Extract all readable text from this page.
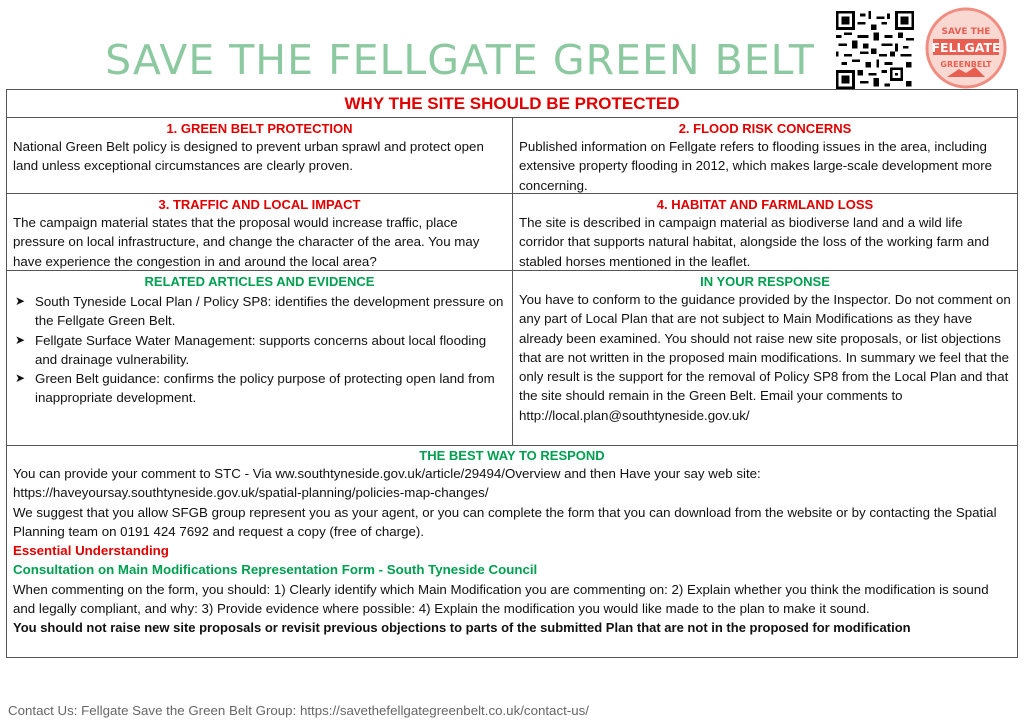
SAVE THE FELLGATE GREEN BELT
SAVE THE
FELLGATE
GREENBELT
WHY THE SITE SHOULD BE PROTECTED
1. GREEN BELT PROTECTION
National Green Belt policy is designed to prevent urban sprawl and protect open land unless exceptional circumstances are clearly proven.
2. FLOOD RISK CONCERNS
Published information on Fellgate refers to flooding issues in the area, including extensive property flooding in 2012, which makes large-scale development more concerning.
3. TRAFFIC AND LOCAL IMPACT
The campaign material states that the proposal would increase traffic, place pressure on local infrastructure, and change the character of the area. You may have experience the congestion in and around the local area?
4. HABITAT AND FARMLAND LOSS
The site is described in campaign material as biodiverse land and a wild life corridor that supports natural habitat, alongside the loss of the working farm and stabled horses mentioned in the leaflet.
RELATED ARTICLES AND EVIDENCE
➤ South Tyneside Local Plan / Policy SP8: identifies the development pressure on the Fellgate Green Belt.
➤ Fellgate Surface Water Management: supports concerns about local flooding and drainage vulnerability.
➤ Green Belt guidance: confirms the policy purpose of protecting open land from inappropriate development.
IN YOUR RESPONSE
You have to conform to the guidance provided by the Inspector. Do not comment on any part of Local Plan that are not subject to Main Modifications as they have already been examined. You should not raise new site proposals, or list objections that are not written in the proposed main modifications. In summary we feel that the only result is the support for the removal of Policy SP8 from the Local Plan and that the site should remain in the Green Belt. Email your comments to http://local.plan@southtyneside.gov.uk/
THE BEST WAY TO RESPOND

You can provide your comment to STC - Via ww.southtyneside.gov.uk/article/29494/Overview and then Have your say web site: https://haveyoursay.southtyneside.gov.uk/spatial-planning/policies-map-changes/

We suggest that you allow SFGB group represent you as your agent, or you can complete the form that you can download from the website or by contacting the Spatial Planning team on 0191 424 7692 and request a copy (free of charge).

Essential Understanding

Consultation on Main Modifications Representation Form - South Tyneside Council

When commenting on the form, you should: 1) Clearly identify which Main Modification you are commenting on: 2) Explain whether you think the modification is sound and legally compliant, and why: 3) Provide evidence where possible: 4) Explain the modification you would like made to the plan to make it sound.

You should not raise new site proposals or revisit previous objections to parts of the submitted Plan that are not in the proposed for modification

Contact Us: Fellgate Save the Green Belt Group: https://savethefellgategreenbelt.co.uk/contact-us/
